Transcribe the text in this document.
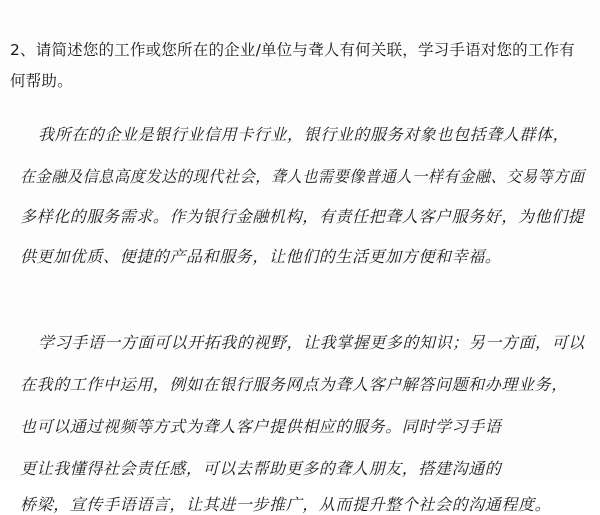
2、请简述您的工作或您所在的企业/单位与聋人有何关联，学习手语对您的工作有何帮助。
我所在的企业是银行业信用卡行业，银行业的服务对象也包括聋人群体，
在金融及信息高度发达的现代社会，聋人也需要像普通人一样有金融、交易等方面
多样化的服务需求。作为银行金融机构，有责任把聋人客户服务好，为他们提
供更加优质、便捷的产品和服务，让他们的生活更加方便和幸福。
学习手语一方面可以开拓我的视野，让我掌握更多的知识；另一方面，可以
在我的工作中运用，例如在银行服务网点为聋人客户解答问题和办理业务，
也可以通过视频等方式为聋人客户提供相应的服务。同时学习手语
更让我懂得社会责任感，可以去帮助更多的聋人朋友，搭建沟通的
桥梁，宣传手语语言，让其进一步推广，从而提升整个社会的沟通程度。
